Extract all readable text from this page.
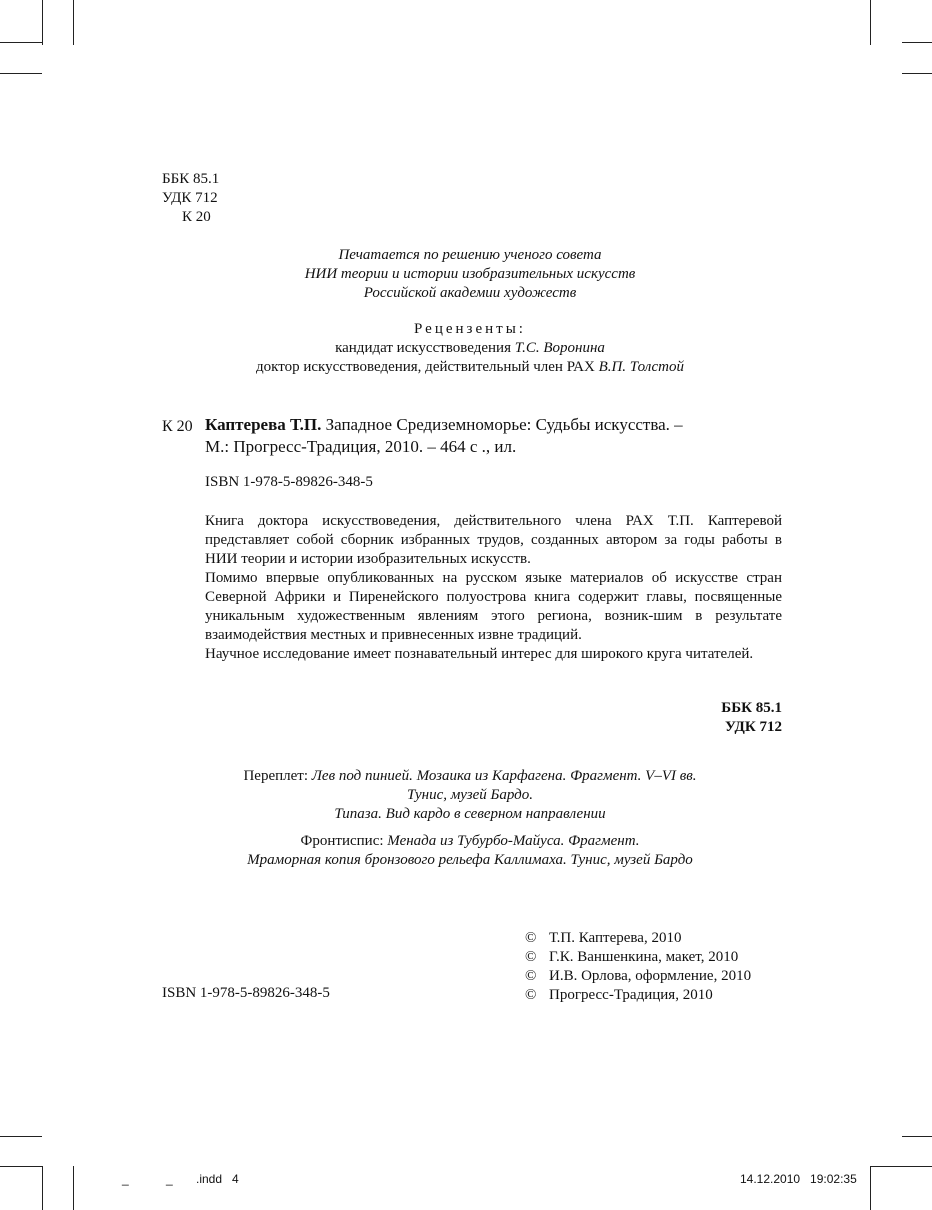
ББК 85.1
УДК 712
К 20
Печатается по решению ученого совета
НИИ теории и истории изобразительных искусств
Российской академии художеств
Рецензенты:
кандидат искусствоведения Т.С. Воронина
доктор искусствоведения, действительный член РАХ В.П. Толстой
К 20 Каптерева Т.П. Западное Средиземноморье: Судьбы искусства. –
М.: Прогресс-Традиция, 2010. – 464 с ., ил.
ISBN 1-978-5-89826-348-5

Книга доктора искусствоведения, действительного члена РАХ Т.П. Каптеревой представляет собой сборник избранных трудов, созданных автором за годы работы в НИИ теории и истории изобразительных искусств.

Помимо впервые опубликованных на русском языке материалов об искусстве стран Северной Африки и Пиренейского полуострова книга содержит главы, посвященные уникальным художественным явлениям этого региона, возник-шим в результате взаимодействия местных и привнесенных извне традиций.

Научное исследование имеет познавательный интерес для широкого круга читателей.

ББК 85.1
УДК 712
Переплет: Лев под пинией. Мозаика из Карфагена. Фрагмент. V–VI вв.
Тунис, музей Бардо.
Типаза. Вид кардо в северном направлении
Фронтиспис: Менада из Тубурбо-Майуса. Фрагмент.
Мраморная копия бронзового рельефа Каллимаха. Тунис, музей Бардо
© Т.П. Каптерева, 2010
© Г.К. Ваншенкина, макет, 2010
© И.В. Орлова, оформление, 2010
© Прогресс-Традиция, 2010
ISBN 1-978-5-89826-348-5
_	_ .indd   4	14.12.2010   19:02:35
